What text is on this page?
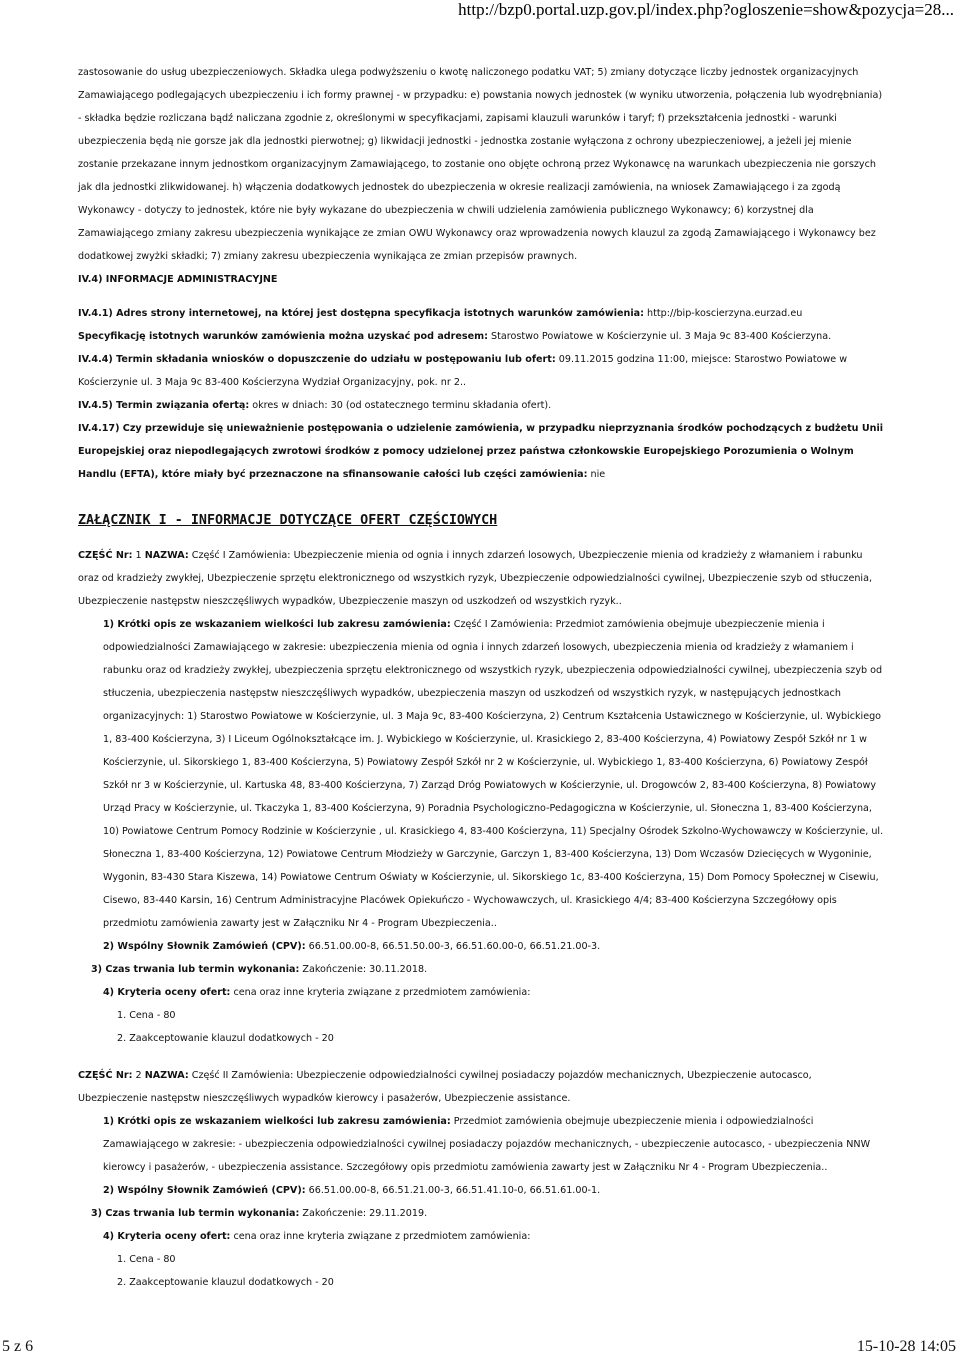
http://bzp0.portal.uzp.gov.pl/index.php?ogloszenie=show&pozycja=28...

zastosowanie do usług ubezpieczeniowych. Składka ulega podwyższeniu o kwotę naliczonego podatku VAT; 5) zmiany dotyczące liczby jednostek organizacyjnych Zamawiającego podlegających ubezpieczeniu i ich formy prawnej - w przypadku: e) powstania nowych jednostek (w wyniku utworzenia, połączenia lub wyodrębniania) - składka będzie rozliczana bądź naliczana zgodnie z, określonymi w specyfikacjami, zapisami klauzuli warunków i taryf; f) przekształcenia jednostki - warunki ubezpieczenia będą nie gorsze jak dla jednostki pierwotnej; g) likwidacji jednostki - jednostka zostanie wyłączona z ochrony ubezpieczeniowej, a jeżeli jej mienie zostanie przekazane innym jednostkom organizacyjnym Zamawiającego, to zostanie ono objęte ochroną przez Wykonawcę na warunkach ubezpieczenia nie gorszych jak dla jednostki zlikwidowanej. h) włączenia dodatkowych jednostek do ubezpieczenia w okresie realizacji zamówienia, na wniosek Zamawiającego i za zgodą Wykonawcy - dotyczy to jednostek, które nie były wykazane do ubezpieczenia w chwili udzielenia zamówienia publicznego Wykonawcy; 6) korzystnej dla Zamawiającego zmiany zakresu ubezpieczenia wynikające ze zmian OWU Wykonawcy oraz wprowadzenia nowych klauzul za zgodą Zamawiającego i Wykonawcy bez dodatkowej zwyżki składki; 7) zmiany zakresu ubezpieczenia wynikająca ze zmian przepisów prawnych.

IV.4) INFORMACJE ADMINISTRACYJNE

IV.4.1) Adres strony internetowej, na której jest dostępna specyfikacja istotnych warunków zamówienia: http://bip-koscierzyna.eurzad.eu

Specyfikację istotnych warunków zamówienia można uzyskać pod adresem: Starostwo Powiatowe w Kościerzynie ul. 3 Maja 9c 83-400 Kościerzyna.

IV.4.4) Termin składania wniosków o dopuszczenie do udziału w postępowaniu lub ofert: 09.11.2015 godzina 11:00, miejsce: Starostwo Powiatowe w Kościerzynie ul. 3 Maja 9c 83-400 Kościerzyna Wydział Organizacyjny, pok. nr 2..

IV.4.5) Termin związania ofertą: okres w dniach: 30 (od ostatecznego terminu składania ofert).

IV.4.17) Czy przewiduje się unieważnienie postępowania o udzielenie zamówienia, w przypadku nieprzyznania środków pochodzących z budżetu Unii Europejskiej oraz niepodlegających zwrotowi środków z pomocy udzielonej przez państwa członkowskie Europejskiego Porozumienia o Wolnym Handlu (EFTA), które miały być przeznaczone na sfinansowanie całości lub części zamówienia: nie

ZAŁĄCZNIK I - INFORMACJE DOTYCZĄCE OFERT CZĘŚCIOWYCH

CZĘŚĆ Nr: 1 NAZWA: Część I Zamówienia: Ubezpieczenie mienia od ognia i innych zdarzeń losowych, Ubezpieczenie mienia od kradzieży z włamaniem i rabunku oraz od kradzieży zwykłej, Ubezpieczenie sprzętu elektronicznego od wszystkich ryzyk, Ubezpieczenie odpowiedzialności cywilnej, Ubezpieczenie szyb od stłuczenia, Ubezpieczenie następstw nieszczęśliwych wypadków, Ubezpieczenie maszyn od uszkodzeń od wszystkich ryzyk..

1) Krótki opis ze wskazaniem wielkości lub zakresu zamówienia: Część I Zamówienia: Przedmiot zamówienia obejmuje ubezpieczenie mienia i odpowiedzialności Zamawiającego w zakresie: ubezpieczenia mienia od ognia i innych zdarzeń losowych, ubezpieczenia mienia od kradzieży z włamaniem i rabunku oraz od kradzieży zwykłej, ubezpieczenia sprzętu elektronicznego od wszystkich ryzyk, ubezpieczenia odpowiedzialności cywilnej, ubezpieczenia szyb od stłuczenia, ubezpieczenia następstw nieszczęśliwych wypadków, ubezpieczenia maszyn od uszkodzeń od wszystkich ryzyk, w następujących jednostkach organizacyjnych: 1) Starostwo Powiatowe w Kościerzynie, ul. 3 Maja 9c, 83-400 Kościerzyna, 2) Centrum Kształcenia Ustawicznego w Kościerzynie, ul. Wybickiego 1, 83-400 Kościerzyna, 3) I Liceum Ogólnokształcące im. J. Wybickiego w Kościerzynie, ul. Krasickiego 2, 83-400 Kościerzyna, 4) Powiatowy Zespół Szkół nr 1 w Kościerzynie, ul. Sikorskiego 1, 83-400 Kościerzyna, 5) Powiatowy Zespół Szkół nr 2 w Kościerzynie, ul. Wybickiego 1, 83-400 Kościerzyna, 6) Powiatowy Zespół Szkół nr 3 w Kościerzynie, ul. Kartuska 48, 83-400 Kościerzyna, 7) Zarząd Dróg Powiatowych w Kościerzynie, ul. Drogowców 2, 83-400 Kościerzyna, 8) Powiatowy Urząd Pracy w Kościerzynie, ul. Tkaczyka 1, 83-400 Kościerzyna, 9) Poradnia Psychologiczno-Pedagogiczna w Kościerzynie, ul. Słoneczna 1, 83-400 Kościerzyna, 10) Powiatowe Centrum Pomocy Rodzinie w Kościerzynie , ul. Krasickiego 4, 83-400 Kościerzyna, 11) Specjalny Ośrodek Szkolno-Wychowawczy w Kościerzynie, ul. Słoneczna 1, 83-400 Kościerzyna, 12) Powiatowe Centrum Młodzieży w Garczynie, Garczyn 1, 83-400 Kościerzyna, 13) Dom Wczasów Dziecięcych w Wygoninie, Wygonin, 83-430 Stara Kiszewa, 14) Powiatowe Centrum Oświaty w Kościerzynie, ul. Sikorskiego 1c, 83-400 Kościerzyna, 15) Dom Pomocy Społecznej w Cisewiu, Cisewo, 83-440 Karsin, 16) Centrum Administracyjne Placówek Opiekuńczo - Wychowawczych, ul. Krasickiego 4/4; 83-400 Kościerzyna Szczegółowy opis przedmiotu zamówienia zawarty jest w Załączniku Nr 4 - Program Ubezpieczenia..

2) Wspólny Słownik Zamówień (CPV): 66.51.00.00-8, 66.51.50.00-3, 66.51.60.00-0, 66.51.21.00-3.

3) Czas trwania lub termin wykonania: Zakończenie: 30.11.2018.

4) Kryteria oceny ofert: cena oraz inne kryteria związane z przedmiotem zamówienia:

1. Cena - 80

2. Zaakceptowanie klauzul dodatkowych - 20

CZĘŚĆ Nr: 2 NAZWA: Część II Zamówienia: Ubezpieczenie odpowiedzialności cywilnej posiadaczy pojazdów mechanicznych, Ubezpieczenie autocasco, Ubezpieczenie następstw nieszczęśliwych wypadków kierowcy i pasażerów, Ubezpieczenie assistance.

1) Krótki opis ze wskazaniem wielkości lub zakresu zamówienia: Przedmiot zamówienia obejmuje ubezpieczenie mienia i odpowiedzialności Zamawiającego w zakresie: - ubezpieczenia odpowiedzialności cywilnej posiadaczy pojazdów mechanicznych, - ubezpieczenie autocasco, - ubezpieczenia NNW kierowcy i pasażerów, - ubezpieczenia assistance. Szczegółowy opis przedmiotu zamówienia zawarty jest w Załączniku Nr 4 - Program Ubezpieczenia..

2) Wspólny Słownik Zamówień (CPV): 66.51.00.00-8, 66.51.21.00-3, 66.51.41.10-0, 66.51.61.00-1.

3) Czas trwania lub termin wykonania: Zakończenie: 29.11.2019.

4) Kryteria oceny ofert: cena oraz inne kryteria związane z przedmiotem zamówienia:

1. Cena - 80

2. Zaakceptowanie klauzul dodatkowych - 20

5 z 6	15-10-28 14:05
